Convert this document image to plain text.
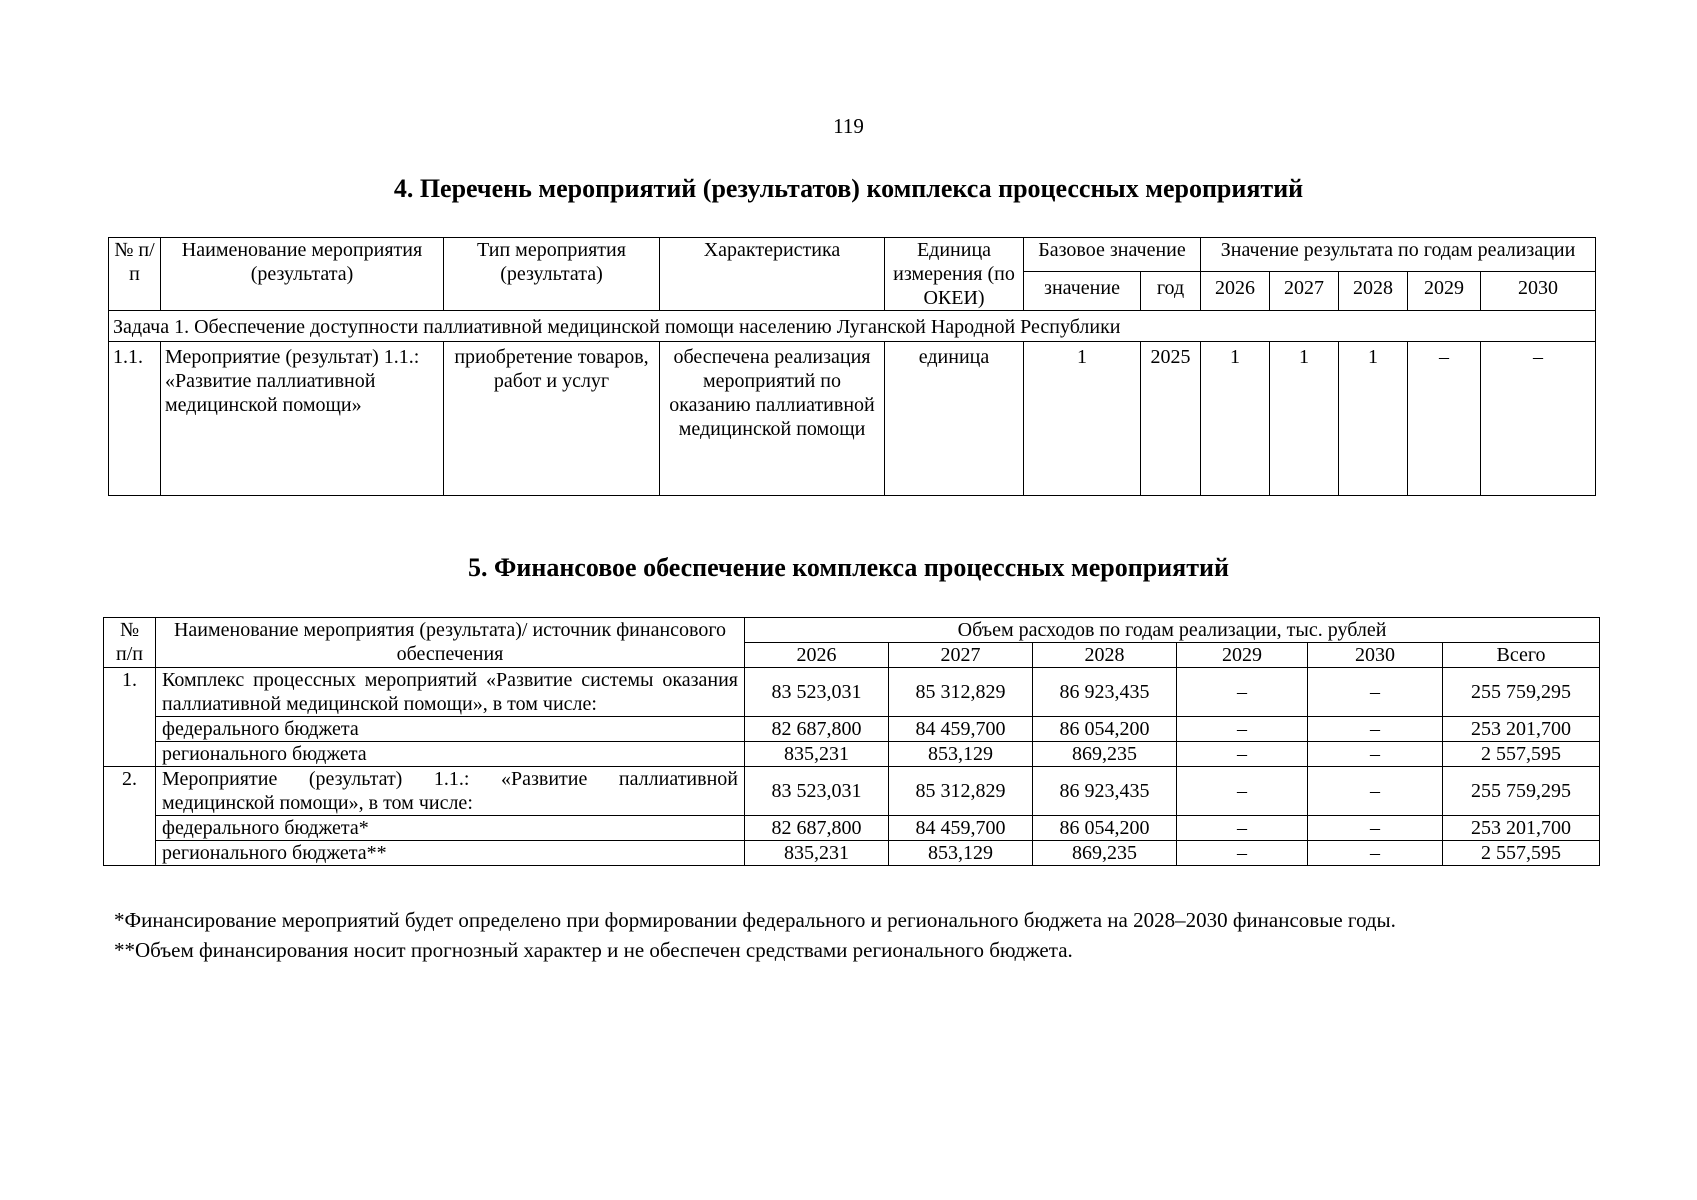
119
4. Перечень мероприятий (результатов) комплекса процессных мероприятий
№ п/п	Наименование мероприятия (результата)	Тип мероприятия (результата)	Характеристика	Единица измерения (по ОКЕИ)	Базовое значение		Значение результата по годам реализации				
					значение	год	2026	2027	2028	2029	2030
Задача 1. Обеспечение доступности паллиативной медицинской помощи населению Луганской Народной Республики											
1.1.	Мероприятие (результат) 1.1.: «Развитие паллиативной медицинской помощи»	приобретение товаров, работ и услуг	обеспечена реализация мероприятий по оказанию паллиативной медицинской помощи	единица	1	2025	1	1	1	–	–
5. Финансовое обеспечение комплекса процессных мероприятий
№ п/п	Наименование мероприятия (результата)/ источник финансового обеспечения	Объем расходов по годам реализации, тыс. рублей					
		2026	2027	2028	2029	2030	Всего
1.	Комплекс процессных мероприятий «Развитие системы оказания паллиативной медицинской помощи», в том числе:	83 523,031	85 312,829	86 923,435	–	–	255 759,295
	федерального бюджета	82 687,800	84 459,700	86 054,200	–	–	253 201,700
	регионального бюджета	835,231	853,129	869,235	–	–	2 557,595
2.	Мероприятие (результат) 1.1.: «Развитие паллиативной медицинской помощи», в том числе:	83 523,031	85 312,829	86 923,435	–	–	255 759,295
	федерального бюджета*	82 687,800	84 459,700	86 054,200	–	–	253 201,700
	регионального бюджета**	835,231	853,129	869,235	–	–	2 557,595

*Финансирование мероприятий будет определено при формировании федерального и регионального бюджета на 2028–2030 финансовые годы.

**Объем финансирования носит прогнозный характер и не обеспечен средствами регионального бюджета.
